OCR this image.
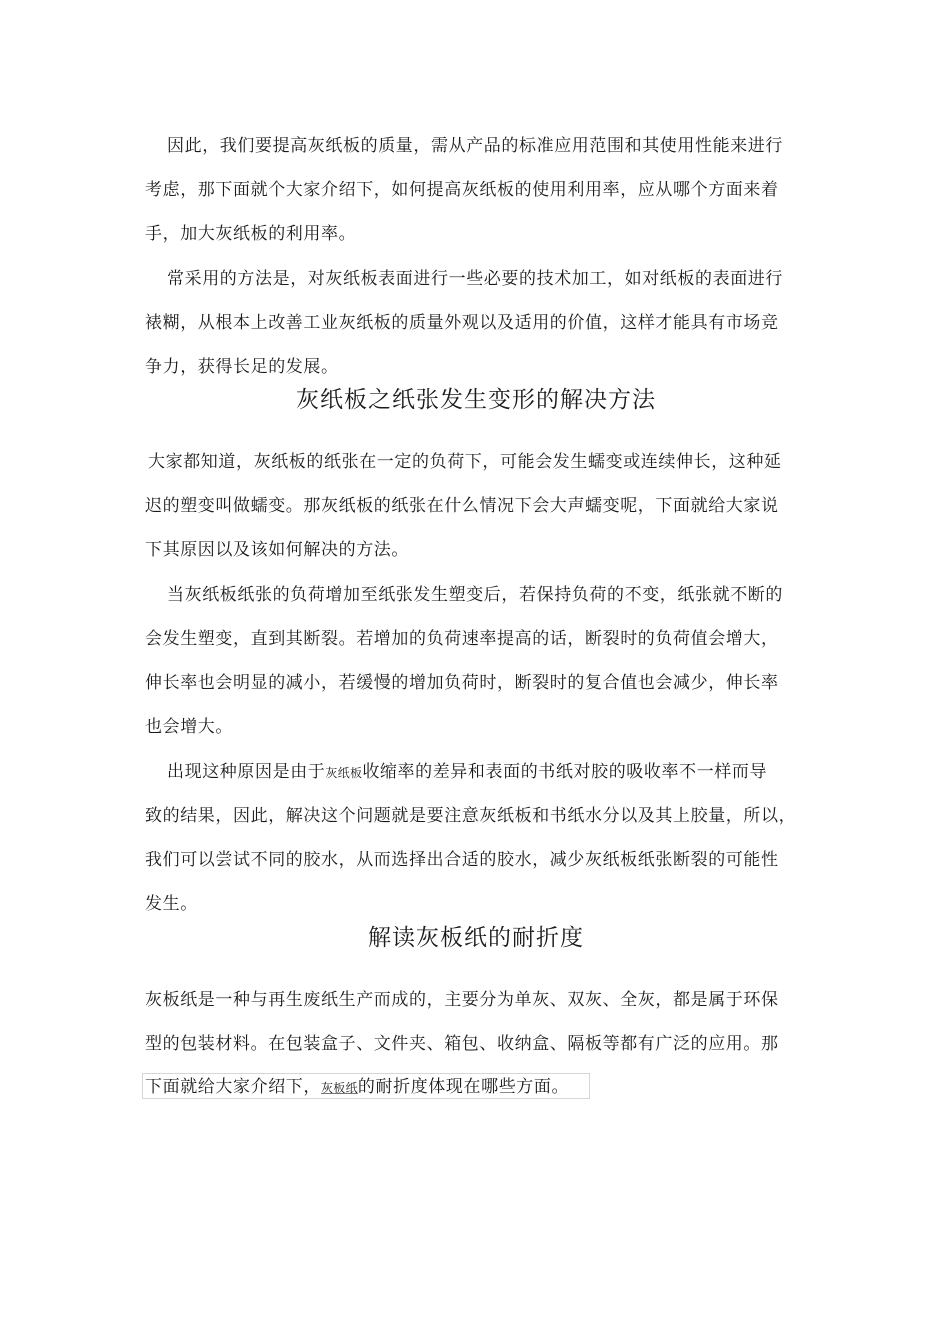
因此，我们要提高灰纸板的质量，需从产品的标准应用范围和其使用性能来进行
考虑，那下面就个大家介绍下，如何提高灰纸板的使用利用率，应从哪个方面来着
手，加大灰纸板的利用率。
常采用的方法是，对灰纸板表面进行一些必要的技术加工，如对纸板的表面进行
裱糊，从根本上改善工业灰纸板的质量外观以及适用的价值，这样才能具有市场竞
争力，获得长足的发展。
灰纸板之纸张发生变形的解决方法
大家都知道，灰纸板的纸张在一定的负荷下，可能会发生蠕变或连续伸长，这种延
迟的塑变叫做蠕变。那灰纸板的纸张在什么情况下会大声蠕变呢，下面就给大家说
下其原因以及该如何解决的方法。
当灰纸板纸张的负荷增加至纸张发生塑变后，若保持负荷的不变，纸张就不断的
会发生塑变，直到其断裂。若增加的负荷速率提高的话，断裂时的负荷值会增大，
伸长率也会明显的减小，若缓慢的增加负荷时，断裂时的复合值也会减少，伸长率
也会增大。
出现这种原因是由于灰纸板收缩率的差异和表面的书纸对胶的吸收率不一样而导
致的结果，因此，解决这个问题就是要注意灰纸板和书纸水分以及其上胶量，所以，
我们可以尝试不同的胶水，从而选择出合适的胶水，减少灰纸板纸张断裂的可能性
发生。
解读灰板纸的耐折度
灰板纸是一种与再生废纸生产而成的，主要分为单灰、双灰、全灰，都是属于环保
型的包装材料。在包装盒子、文件夹、箱包、收纳盒、隔板等都有广泛的应用。那
下面就给大家介绍下，灰板纸的耐折度体现在哪些方面。
